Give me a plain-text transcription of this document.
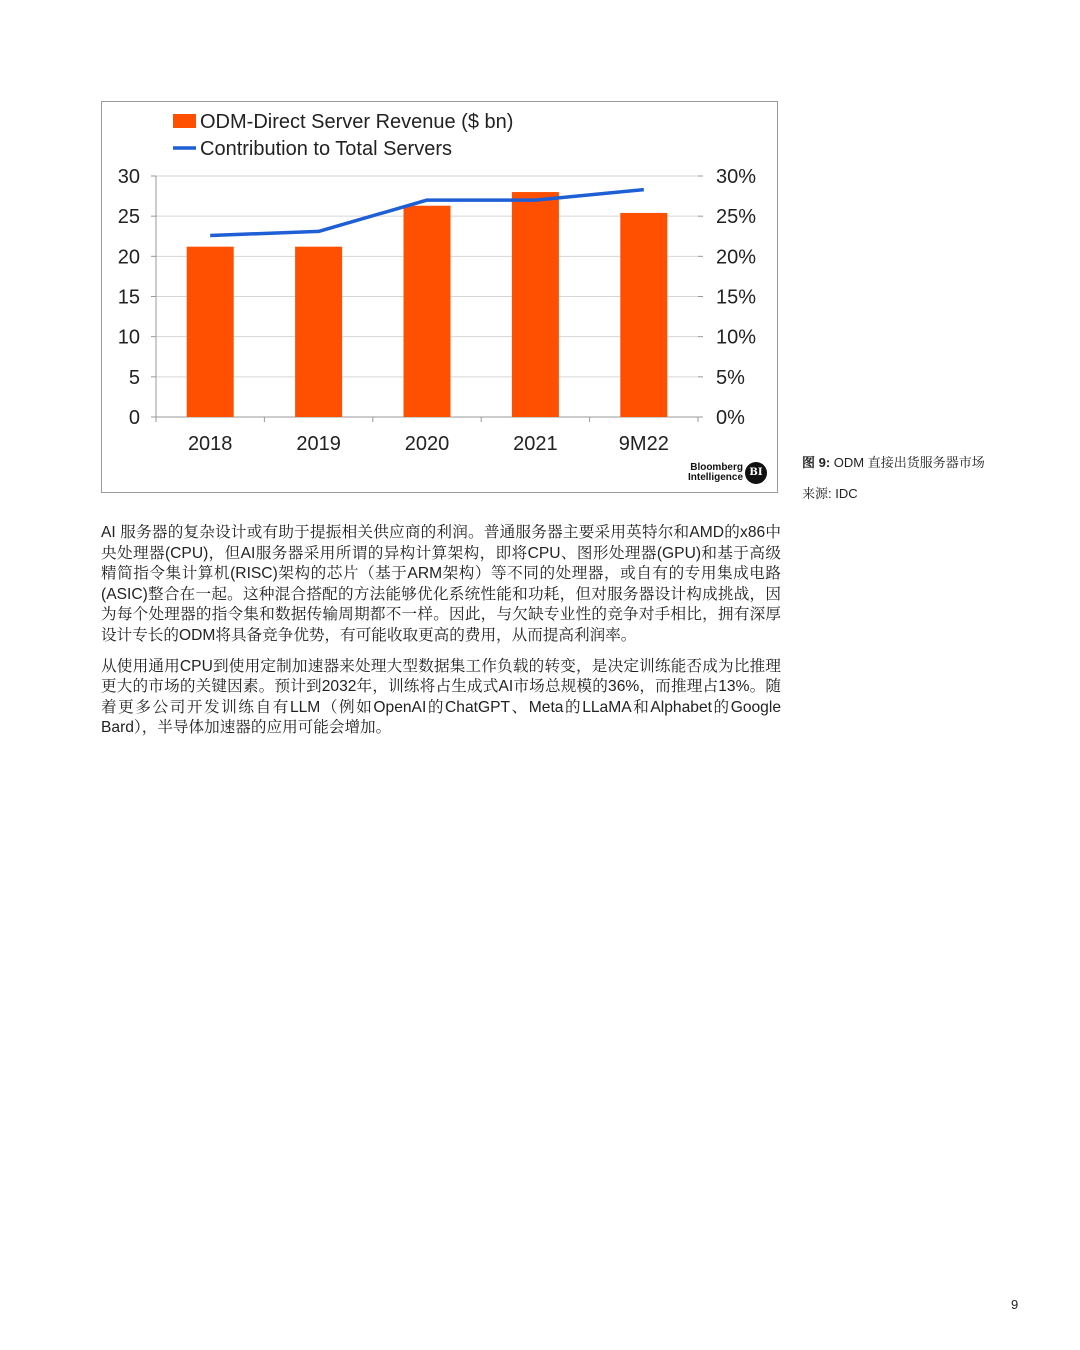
0
5
10
15
20
25
30
0%
5%
10%
15%
20%
25%
30%
2018	2019	2020	2021	9M22
ODM-Direct Server Revenue ($ bn)
Contribution to Total Servers
Bloomberg
Intelligence BI
图 9: ODM 直接出货服务器市场
来源: IDC

AI 服务器的复杂设计或有助于提振相关供应商的利润。普通服务器主要采用英特尔和AMD的x86中央处理器(CPU)，但AI服务器采用所谓的异构计算架构，即将CPU、图形处理器(GPU)和基于高级精简指令集计算机(RISC)架构的芯片（基于ARM架构）等不同的处理器，或自有的专用集成电路(ASIC)整合在一起。这种混合搭配的方法能够优化系统性能和功耗，但对服务器设计构成挑战，因为每个处理器的指令集和数据传输周期都不一样。因此，与欠缺专业性的竞争对手相比，拥有深厚设计专长的ODM将具备竞争优势，有可能收取更高的费用，从而提高利润率。

从使用通用CPU到使用定制加速器来处理大型数据集工作负载的转变，是决定训练能否成为比推理更大的市场的关键因素。预计到2032年，训练将占生成式AI市场总规模的36%，而推理占13%。随着更多公司开发训练自有LLM（例如OpenAI的ChatGPT、Meta的LLaMA和Alphabet的Google Bard），半导体加速器的应用可能会增加。

9
